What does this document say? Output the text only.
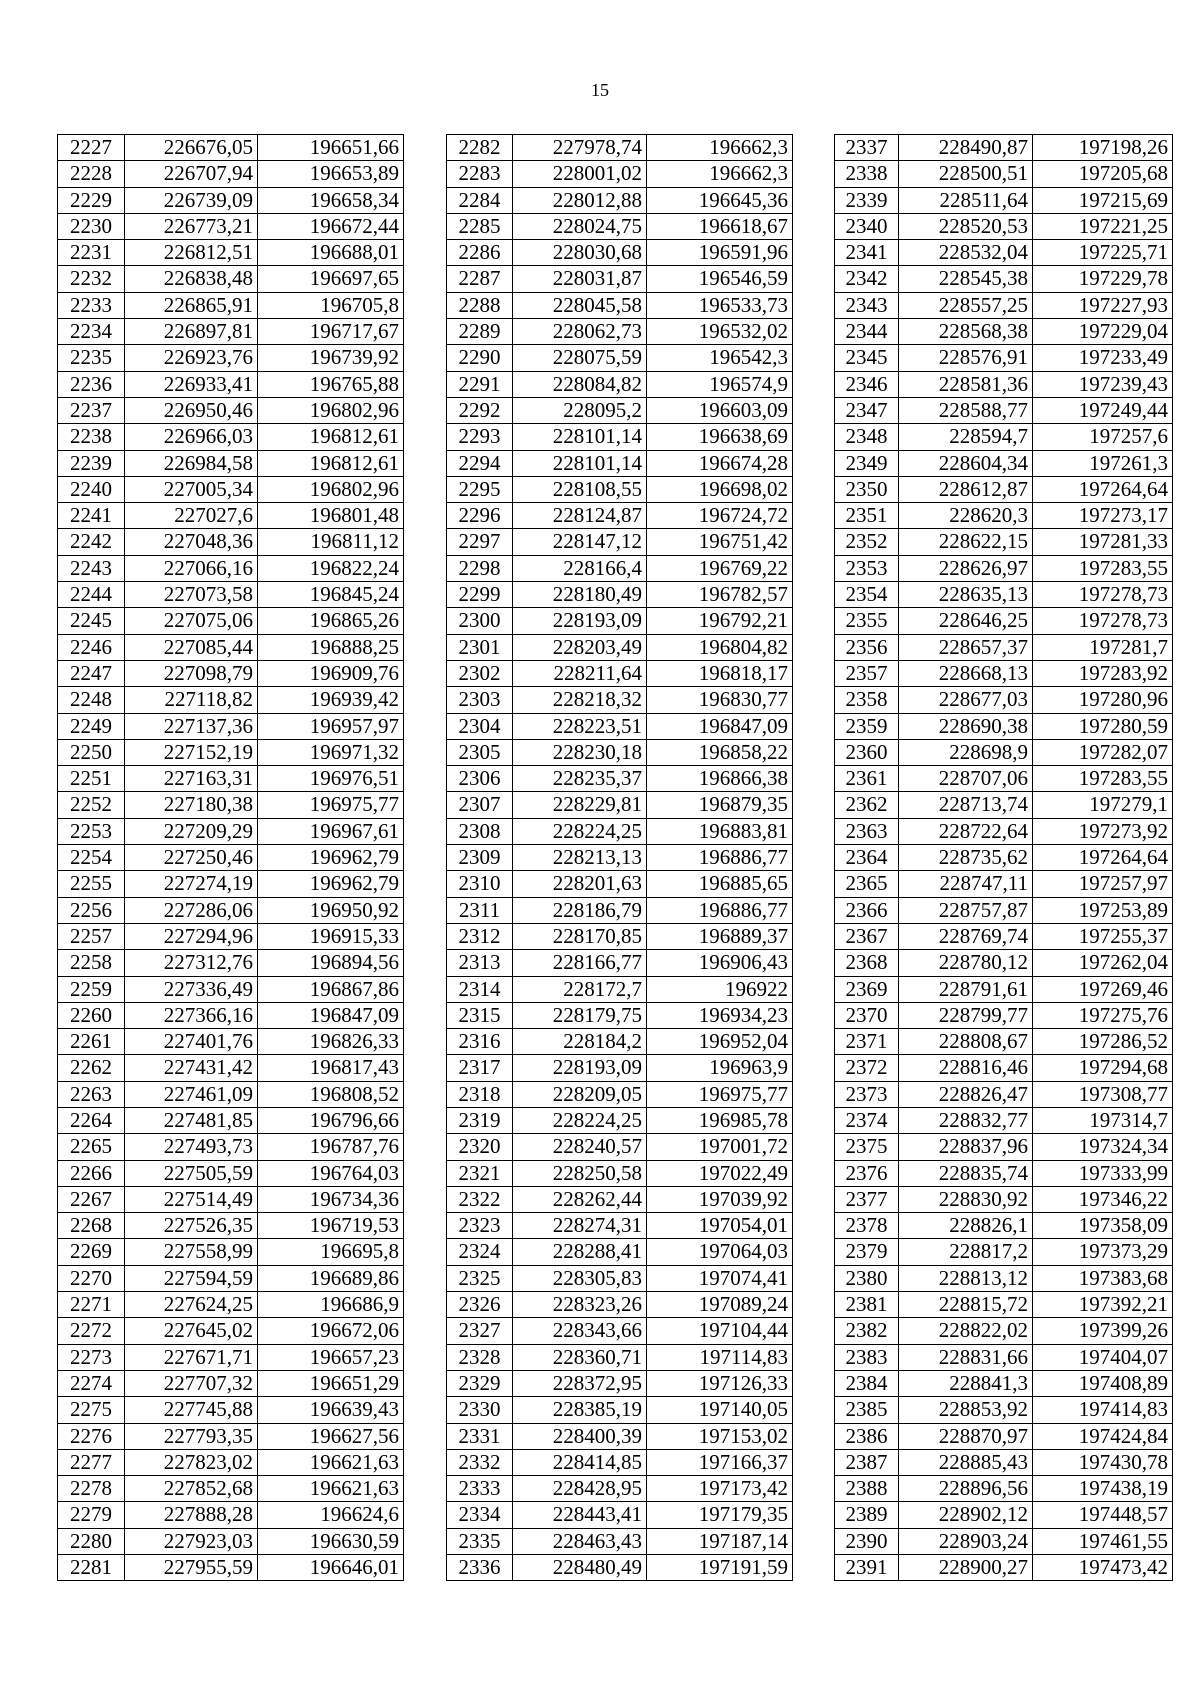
15
2227	226676,05	196651,66
2228	226707,94	196653,89
2229	226739,09	196658,34
2230	226773,21	196672,44
2231	226812,51	196688,01
2232	226838,48	196697,65
2233	226865,91	196705,8
2234	226897,81	196717,67
2235	226923,76	196739,92
2236	226933,41	196765,88
2237	226950,46	196802,96
2238	226966,03	196812,61
2239	226984,58	196812,61
2240	227005,34	196802,96
2241	227027,6	196801,48
2242	227048,36	196811,12
2243	227066,16	196822,24
2244	227073,58	196845,24
2245	227075,06	196865,26
2246	227085,44	196888,25
2247	227098,79	196909,76
2248	227118,82	196939,42
2249	227137,36	196957,97
2250	227152,19	196971,32
2251	227163,31	196976,51
2252	227180,38	196975,77
2253	227209,29	196967,61
2254	227250,46	196962,79
2255	227274,19	196962,79
2256	227286,06	196950,92
2257	227294,96	196915,33
2258	227312,76	196894,56
2259	227336,49	196867,86
2260	227366,16	196847,09
2261	227401,76	196826,33
2262	227431,42	196817,43
2263	227461,09	196808,52
2264	227481,85	196796,66
2265	227493,73	196787,76
2266	227505,59	196764,03
2267	227514,49	196734,36
2268	227526,35	196719,53
2269	227558,99	196695,8
2270	227594,59	196689,86
2271	227624,25	196686,9
2272	227645,02	196672,06
2273	227671,71	196657,23
2274	227707,32	196651,29
2275	227745,88	196639,43
2276	227793,35	196627,56
2277	227823,02	196621,63
2278	227852,68	196621,63
2279	227888,28	196624,6
2280	227923,03	196630,59
2281	227955,59	196646,01
2282	227978,74	196662,3
2283	228001,02	196662,3
2284	228012,88	196645,36
2285	228024,75	196618,67
2286	228030,68	196591,96
2287	228031,87	196546,59
2288	228045,58	196533,73
2289	228062,73	196532,02
2290	228075,59	196542,3
2291	228084,82	196574,9
2292	228095,2	196603,09
2293	228101,14	196638,69
2294	228101,14	196674,28
2295	228108,55	196698,02
2296	228124,87	196724,72
2297	228147,12	196751,42
2298	228166,4	196769,22
2299	228180,49	196782,57
2300	228193,09	196792,21
2301	228203,49	196804,82
2302	228211,64	196818,17
2303	228218,32	196830,77
2304	228223,51	196847,09
2305	228230,18	196858,22
2306	228235,37	196866,38
2307	228229,81	196879,35
2308	228224,25	196883,81
2309	228213,13	196886,77
2310	228201,63	196885,65
2311	228186,79	196886,77
2312	228170,85	196889,37
2313	228166,77	196906,43
2314	228172,7	196922
2315	228179,75	196934,23
2316	228184,2	196952,04
2317	228193,09	196963,9
2318	228209,05	196975,77
2319	228224,25	196985,78
2320	228240,57	197001,72
2321	228250,58	197022,49
2322	228262,44	197039,92
2323	228274,31	197054,01
2324	228288,41	197064,03
2325	228305,83	197074,41
2326	228323,26	197089,24
2327	228343,66	197104,44
2328	228360,71	197114,83
2329	228372,95	197126,33
2330	228385,19	197140,05
2331	228400,39	197153,02
2332	228414,85	197166,37
2333	228428,95	197173,42
2334	228443,41	197179,35
2335	228463,43	197187,14
2336	228480,49	197191,59
2337	228490,87	197198,26
2338	228500,51	197205,68
2339	228511,64	197215,69
2340	228520,53	197221,25
2341	228532,04	197225,71
2342	228545,38	197229,78
2343	228557,25	197227,93
2344	228568,38	197229,04
2345	228576,91	197233,49
2346	228581,36	197239,43
2347	228588,77	197249,44
2348	228594,7	197257,6
2349	228604,34	197261,3
2350	228612,87	197264,64
2351	228620,3	197273,17
2352	228622,15	197281,33
2353	228626,97	197283,55
2354	228635,13	197278,73
2355	228646,25	197278,73
2356	228657,37	197281,7
2357	228668,13	197283,92
2358	228677,03	197280,96
2359	228690,38	197280,59
2360	228698,9	197282,07
2361	228707,06	197283,55
2362	228713,74	197279,1
2363	228722,64	197273,92
2364	228735,62	197264,64
2365	228747,11	197257,97
2366	228757,87	197253,89
2367	228769,74	197255,37
2368	228780,12	197262,04
2369	228791,61	197269,46
2370	228799,77	197275,76
2371	228808,67	197286,52
2372	228816,46	197294,68
2373	228826,47	197308,77
2374	228832,77	197314,7
2375	228837,96	197324,34
2376	228835,74	197333,99
2377	228830,92	197346,22
2378	228826,1	197358,09
2379	228817,2	197373,29
2380	228813,12	197383,68
2381	228815,72	197392,21
2382	228822,02	197399,26
2383	228831,66	197404,07
2384	228841,3	197408,89
2385	228853,92	197414,83
2386	228870,97	197424,84
2387	228885,43	197430,78
2388	228896,56	197438,19
2389	228902,12	197448,57
2390	228903,24	197461,55
2391	228900,27	197473,42
